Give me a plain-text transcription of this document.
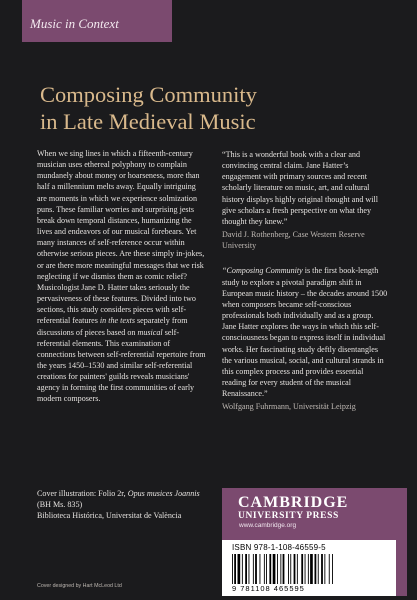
Music in Context
Composing Community
in Late Medieval Music

When we sing lines in which a fifteenth-century musician uses ethereal polyphony to complain mundanely about money or hoarseness, more than half a millennium melts away. Equally intriguing are moments in which we experience solmization puns. These familiar worries and surprising jests break down temporal distances, humanizing the lives and endeavors of our musical forebears. Yet many instances of self-reference occur within otherwise serious pieces. Are these simply in-jokes, or are there more meaningful messages that we risk neglecting if we dismiss them as comic relief? Musicologist Jane D. Hatter takes seriously the pervasiveness of these features. Divided into two sections, this study considers pieces with self-referential features in the texts separately from discussions of pieces based on musical self-referential elements. This examination of connections between self-referential repertoire from the years 1450–1530 and similar self-referential creations for painters' guilds reveals musicians' agency in forming the first communities of early modern composers.

Cover illustration: Folio 2r, Opus musices Joannis
(BH Ms. 835)
Biblioteca Histórica, Universitat de València
Cover designed by Hart McLeod Ltd

“This is a wonderful book with a clear and convincing central claim. Jane Hatter’s engagement with primary sources and recent scholarly literature on music, art, and cultural history displays highly original thought and will give scholars a fresh perspective on what they thought they knew.”

David J. Rothenberg, Case Western Reserve University

“Composing Community is the first book-length study to explore a pivotal paradigm shift in European music history – the decades around 1500 when composers became self-conscious professionals both individually and as a group. Jane Hatter explores the ways in which this self-consciousness began to express itself in individual works. Her fascinating study deftly disentangles the various musical, social, and cultural strands in this complex process and provides essential reading for every student of the musical Renaissance.”

Wolfgang Fuhrmann, Universität Leipzig

CAMBRIDGE
UNIVERSITY PRESS
www.cambridge.org
ISBN 978-1-108-46559-5
9 781108 465595
